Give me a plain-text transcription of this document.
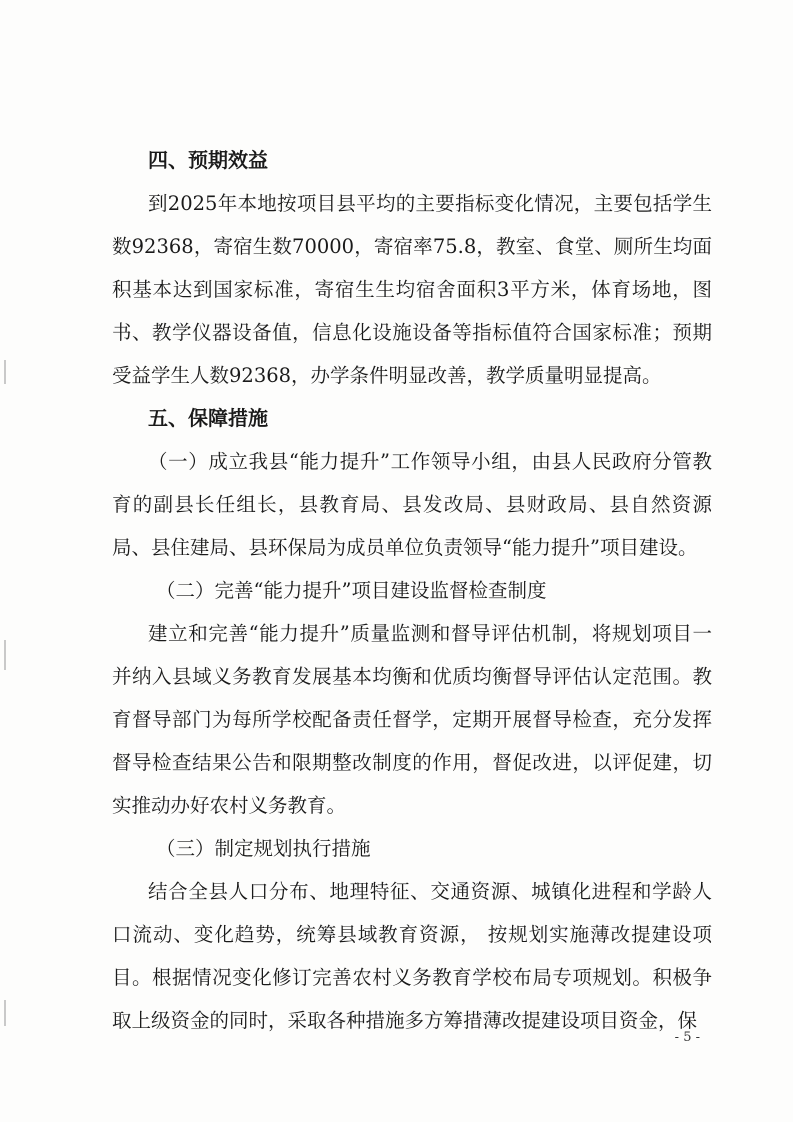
四、预期效益

到2025年本地按项目县平均的主要指标变化情况，主要包括学生数92368，寄宿生数70000，寄宿率75.8，教室、食堂、厕所生均面积基本达到国家标准，寄宿生生均宿舍面积3平方米，体育场地，图书、教学仪器设备值，信息化设施设备等指标值符合国家标准；预期受益学生人数92368，办学条件明显改善，教学质量明显提高。

五、保障措施

（一）成立我县“能力提升”工作领导小组，由县人民政府分管教育的副县长任组长，县教育局、县发改局、县财政局、县自然资源局、县住建局、县环保局为成员单位负责领导“能力提升”项目建设。

（二）完善“能力提升”项目建设监督检查制度

建立和完善“能力提升”质量监测和督导评估机制，将规划项目一并纳入县域义务教育发展基本均衡和优质均衡督导评估认定范围。教育督导部门为每所学校配备责任督学，定期开展督导检查，充分发挥督导检查结果公告和限期整改制度的作用，督促改进，以评促建，切实推动办好农村义务教育。

（三）制定规划执行措施

结合全县人口分布、地理特征、交通资源、城镇化进程和学龄人口流动、变化趋势，统筹县域教育资源， 按规划实施薄改提建设项目。根据情况变化修订完善农村义务教育学校布局专项规划。积极争取上级资金的同时，采取各种措施多方筹措薄改提建设项目资金，保

- 5 -
